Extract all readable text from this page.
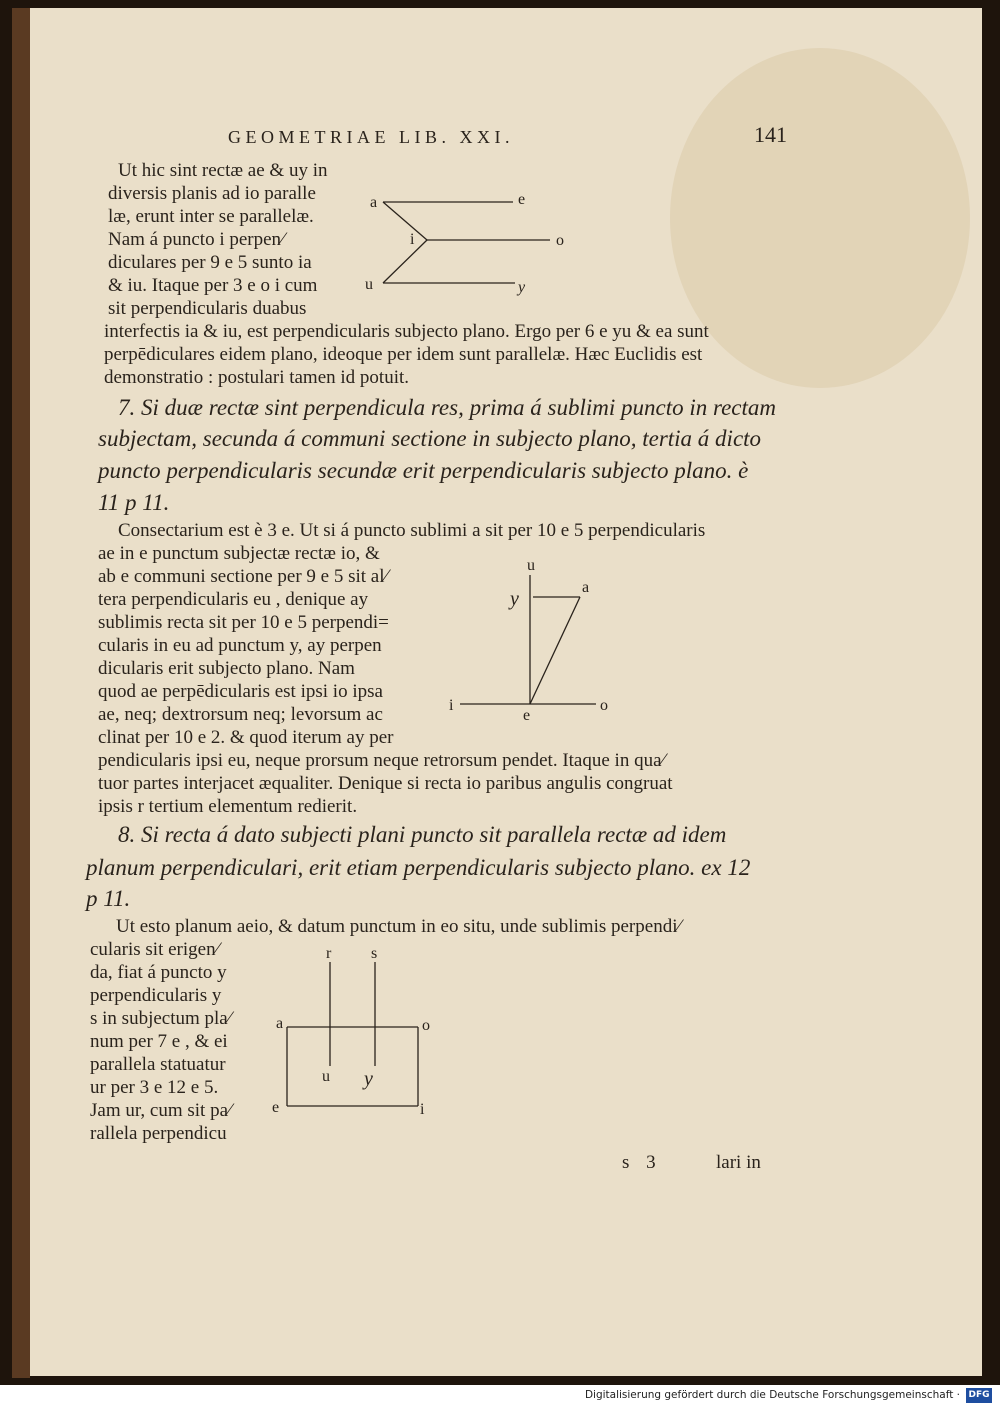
GEOMETRIAE LIB. XXI.	141

Ut hic sint rectæ ae & uy in

diversis planis ad io paralle

læ, erunt inter se parallelæ.

Nam á puncto i perpen⁄

diculares per 9 e 5 sunto ia

& iu. Itaque per 3 e o i cum

sit perpendicularis duabus

interfectis ia & iu, est perpendicularis subjecto plano. Ergo per 6 e yu & ea sunt

perpēdiculares eidem plano, ideoque per idem sunt parallelæ. Hæc Euclidis est

demonstratio : postulari tamen id potuit.

7. Si duæ rectæ sint perpendicula res, prima á sublimi puncto in rectam

subjectam, secunda á communi sectione in subjecto plano, tertia á dicto

puncto perpendicularis secundæ erit perpendicularis subjecto plano. è

11 p 11.

Consectarium est è 3 e. Ut si á puncto sublimi a sit per 10 e 5 perpendicularis

ae in e punctum subjectæ rectæ io, &

ab e communi sectione per 9 e 5 sit al⁄

tera perpendicularis eu , denique ay

sublimis recta sit per 10 e 5 perpendi=

cularis in eu ad punctum y, ay perpen

dicularis erit subjecto plano. Nam

quod ae perpēdicularis est ipsi io ipsa

ae, neq; dextrorsum neq; levorsum ac

clinat per 10 e 2. & quod iterum ay per

pendicularis ipsi eu, neque prorsum neque retrorsum pendet. Itaque in qua⁄

tuor partes interjacet æqualiter. Denique si recta io paribus angulis congruat

ipsis r tertium elementum redierit.

8. Si recta á dato subjecti plani puncto sit parallela rectæ ad idem

planum perpendiculari, erit etiam perpendicularis subjecto plano. ex 12

p 11.

Ut esto planum aeio, & datum punctum in eo situ, unde sublimis perpendi⁄

cularis sit erigen⁄

da, fiat á puncto y

perpendicularis y

s in subjectum pla⁄

num per 7 e , & ei

parallela statuatur

ur per 3 e 12 e 5.

Jam ur, cum sit pa⁄

rallela perpendicu

s 3	lari in

a	e
i	o
u	y
u
a
y
i
e
o
r s
a	o
u y
e	i
Digitalisierung gefördert durch die Deutsche Forschungsgemeinschaft · DFG
